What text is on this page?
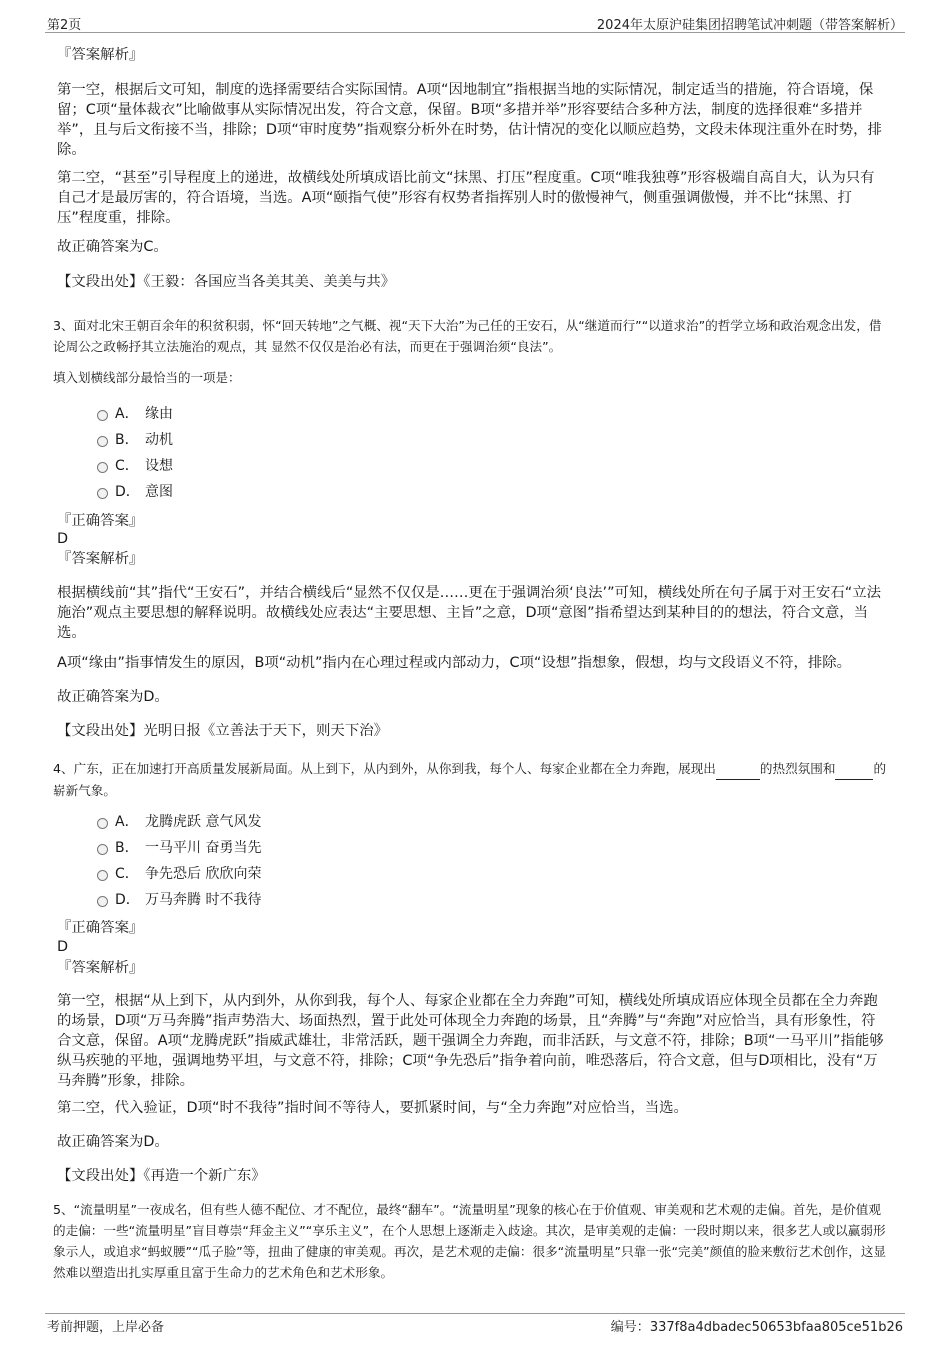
第2页	2024年太原沪硅集团招聘笔试冲刺题（带答案解析）
『答案解析』
第一空，根据后文可知，制度的选择需要结合实际国情。A项“因地制宜”指根据当地的实际情况，制定适当的措施，符合语境，保留；C项“量体裁衣”比喻做事从实际情况出发，符合文意，保留。B项“多措并举”形容要结合多种方法，制度的选择很难“多措并举”，且与后文衔接不当，排除；D项“审时度势”指观察分析外在时势，估计情况的变化以顺应趋势，文段未体现注重外在时势，排除。
第二空，“甚至”引导程度上的递进，故横线处所填成语比前文“抹黑、打压”程度重。C项“唯我独尊”形容极端自高自大，认为只有自己才是最厉害的，符合语境，当选。A项“颐指气使”形容有权势者指挥别人时的傲慢神气，侧重强调傲慢，并不比“抹黑、打压”程度重，排除。
故正确答案为C。
【文段出处】《王毅：各国应当各美其美、美美与共》
3、面对北宋王朝百余年的积贫积弱，怀“回天转地”之气概、视“天下大治”为己任的王安石，从“继道而行”“以道求治”的哲学立场和政治观念出发，借论周公之政畅抒其立法施治的观点，其 显然不仅仅是治必有法，而更在于强调治须“良法”。
填入划横线部分最恰当的一项是：
A． 缘由
B． 动机
C． 设想
D． 意图
『正确答案』
D
『答案解析』
根据横线前“其”指代“王安石”，并结合横线后“显然不仅仅是……更在于强调治须‘良法’”可知，横线处所在句子属于对王安石“立法施治”观点主要思想的解释说明。故横线处应表达“主要思想、主旨”之意，D项“意图”指希望达到某种目的的想法，符合文意，当选。
A项“缘由”指事情发生的原因，B项“动机”指内在心理过程或内部动力，C项“设想”指想象，假想，均与文段语义不符，排除。
故正确答案为D。
【文段出处】光明日报《立善法于天下，则天下治》
4、广东，正在加速打开高质量发展新局面。从上到下，从内到外，从你到我，每个人、每家企业都在全力奔跑，展现出	的热烈氛围和	的崭新气象。
A． 龙腾虎跃 意气风发
B． 一马平川 奋勇当先
C． 争先恐后 欣欣向荣
D． 万马奔腾 时不我待
『正确答案』
D
『答案解析』
第一空，根据“从上到下，从内到外，从你到我，每个人、每家企业都在全力奔跑”可知，横线处所填成语应体现全员都在全力奔跑的场景，D项“万马奔腾”指声势浩大、场面热烈，置于此处可体现全力奔跑的场景，且“奔腾”与“奔跑”对应恰当，具有形象性，符合文意，保留。A项“龙腾虎跃”指威武雄壮，非常活跃，题干强调全力奔跑，而非活跃，与文意不符，排除；B项“一马平川”指能够纵马疾驰的平地，强调地势平坦，与文意不符，排除；C项“争先恐后”指争着向前，唯恐落后，符合文意，但与D项相比，没有“万马奔腾”形象，排除。
第二空，代入验证，D项“时不我待”指时间不等待人，要抓紧时间，与“全力奔跑”对应恰当，当选。
故正确答案为D。
【文段出处】《再造一个新广东》
5、“流量明星”一夜成名，但有些人德不配位、才不配位，最终“翻车”。“流量明星”现象的核心在于价值观、审美观和艺术观的走偏。首先，是价值观的走偏：一些“流量明星”盲目尊崇“拜金主义”“享乐主义”，在个人思想上逐渐走入歧途。其次，是审美观的走偏：一段时期以来，很多艺人或以赢弱形象示人，或追求“蚂蚁腰”“瓜子脸”等，扭曲了健康的审美观。再次，是艺术观的走偏：很多“流量明星”只靠一张“完美”颜值的脸来敷衍艺术创作，这显然难以塑造出扎实厚重且富于生命力的艺术角色和艺术形象。
考前押题，上岸必备	编号：337f8a4dbadec50653bfaa805ce51b26
